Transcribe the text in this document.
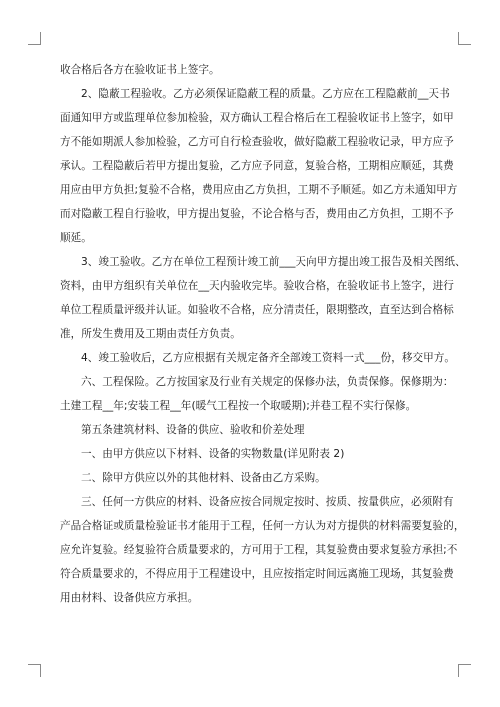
收合格后各方在验收证书上签字。
2、隐蔽工程验收。乙方必须保证隐蔽工程的质量。乙方应在工程隐蔽前__天书
面通知甲方或监理单位参加检验，双方确认工程合格后在工程验收证书上签字，如甲
方不能如期派人参加检验，乙方可自行检查验收，做好隐蔽工程验收记录，甲方应予
承认。工程隐蔽后若甲方提出复验，乙方应予同意，复验合格，工期相应顺延，其费
用应由甲方负担;复验不合格，费用应由乙方负担，工期不予顺延。如乙方未通知甲方
而对隐蔽工程自行验收，甲方提出复验，不论合格与否，费用由乙方负担，工期不予
顺延。
3、竣工验收。乙方在单位工程预计竣工前___天向甲方提出竣工报告及相关图纸、
资料，由甲方组织有关单位在__天内验收完毕。验收合格，在验收证书上签字，进行
单位工程质量评级并认证。如验收不合格，应分清责任，限期整改，直至达到合格标
准，所发生费用及工期由责任方负责。
4、竣工验收后，乙方应根据有关规定备齐全部竣工资料一式___份，移交甲方。
六、工程保险。乙方按国家及行业有关规定的保修办法，负责保修。保修期为：
土建工程__年;安装工程__年(暖气工程按一个取暖期);并巷工程不实行保修。
第五条建筑材料、设备的供应、验收和价差处理
一、由甲方供应以下材料、设备的实物数量(详见附表 2)
二、除甲方供应以外的其他材料、设备由乙方采购。
三、任何一方供应的材料、设备应按合同规定按时、按质、按量供应，必须附有
产品合格证或质量检验证书才能用于工程，任何一方认为对方提供的材料需要复验的，
应允许复验。经复验符合质量要求的，方可用于工程，其复验费由要求复验方承担;不
符合质量要求的，不得应用于工程建设中，且应按指定时间远离施工现场，其复验费
用由材料、设备供应方承担。
